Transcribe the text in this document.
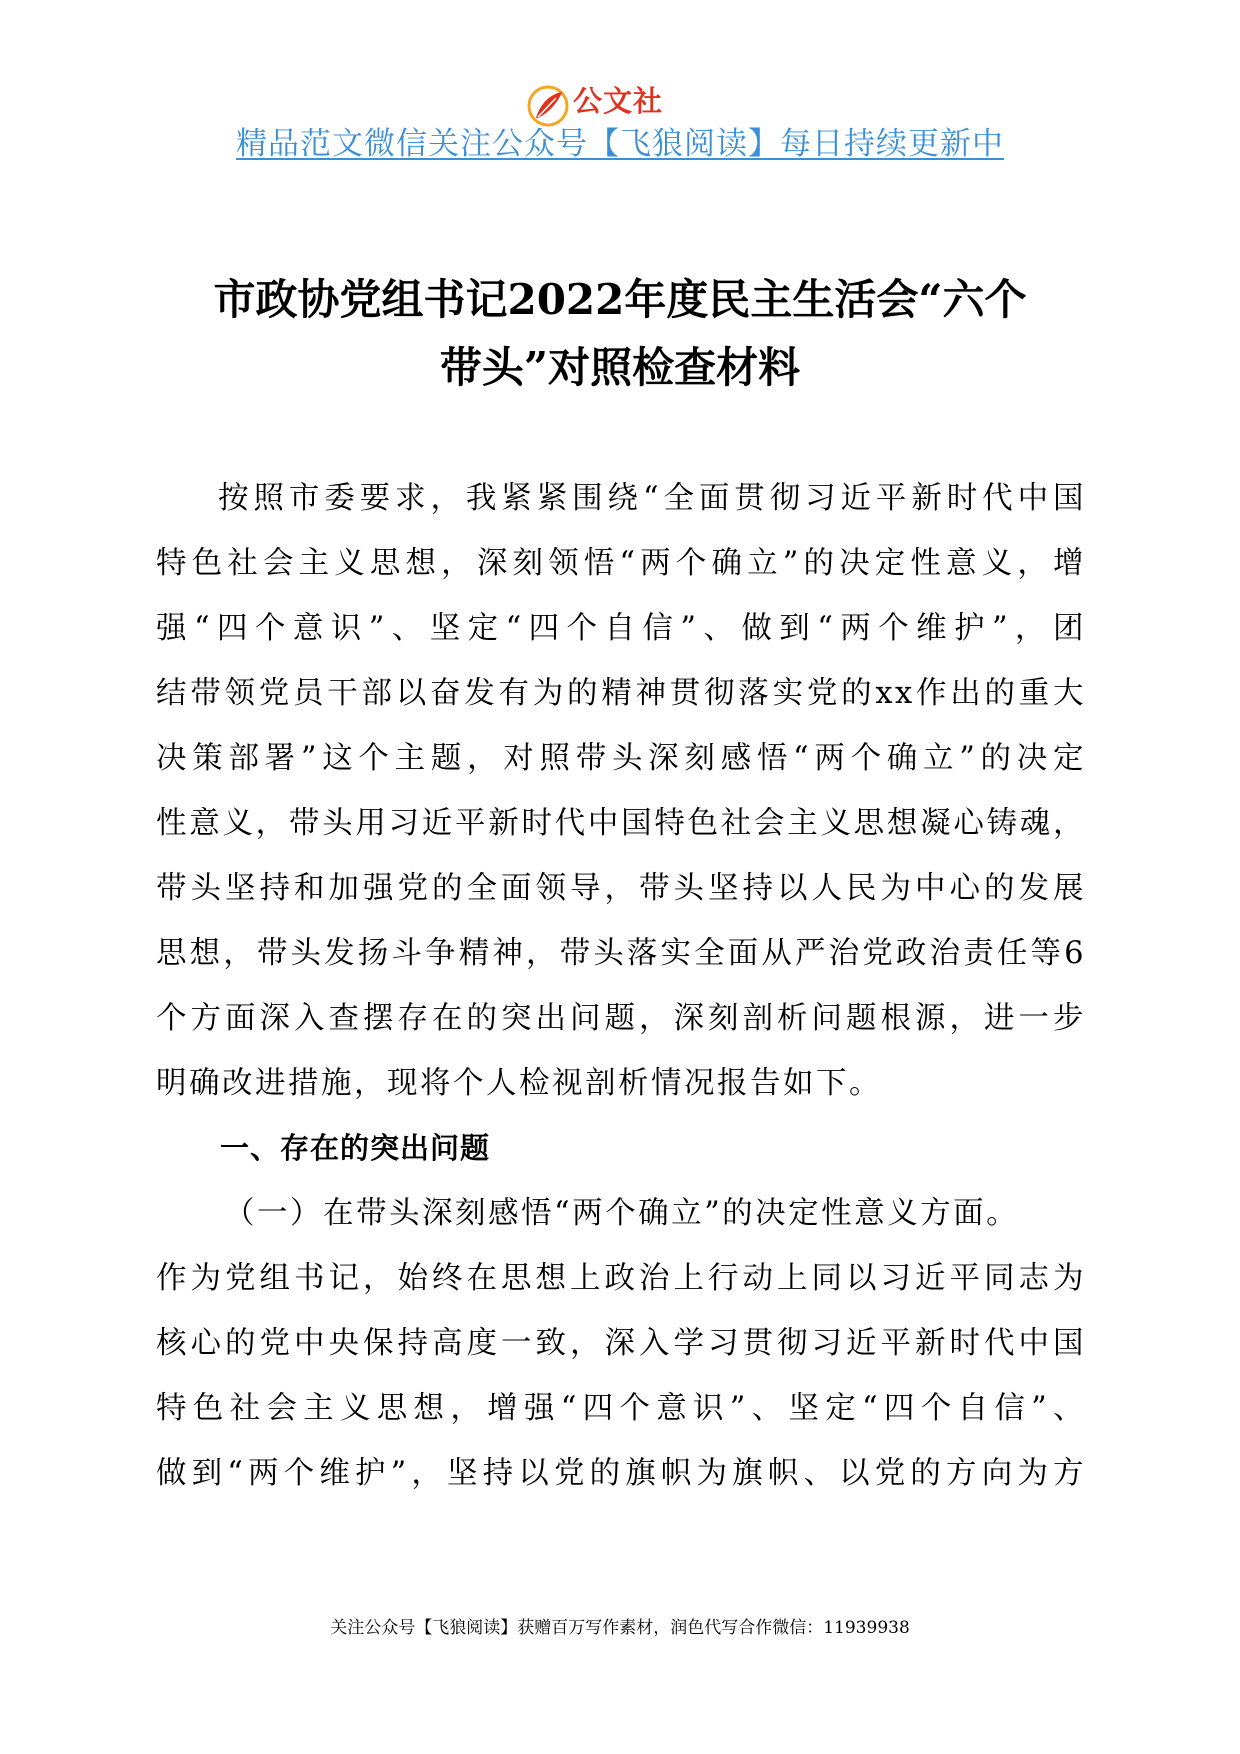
公文社
精品范文微信关注公众号【飞狼阅读】每日持续更新中
市政协党组书记2022年度民主生活会“六个
带头”对照检查材料
按照市委要求，我紧紧围绕“全面贯彻习近平新时代中国
特色社会主义思想，深刻领悟“两个确立”的决定性意义，增
强“四个意识”、坚定“四个自信”、做到“两个维护”，团
结带领党员干部以奋发有为的精神贯彻落实党的xx作出的重大
决策部署”这个主题，对照带头深刻感悟“两个确立”的决定
性意义，带头用习近平新时代中国特色社会主义思想凝心铸魂，
带头坚持和加强党的全面领导，带头坚持以人民为中心的发展
思想，带头发扬斗争精神，带头落实全面从严治党政治责任等6
个方面深入查摆存在的突出问题，深刻剖析问题根源，进一步
明确改进措施，现将个人检视剖析情况报告如下。
一、存在的突出问题
（一）在带头深刻感悟“两个确立”的决定性意义方面。
作为党组书记，始终在思想上政治上行动上同以习近平同志为
核心的党中央保持高度一致，深入学习贯彻习近平新时代中国
特色社会主义思想，增强“四个意识”、坚定“四个自信”、
做到“两个维护”，坚持以党的旗帜为旗帜、以党的方向为方
关注公众号【飞狼阅读】获赠百万写作素材，润色代写合作微信：11939938
